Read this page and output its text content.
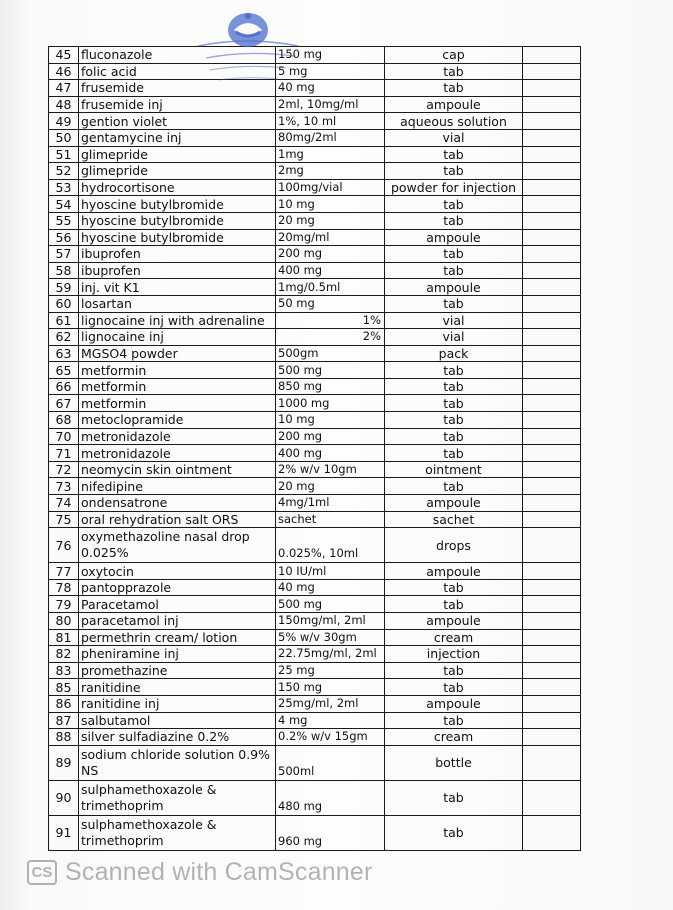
45	fluconazole	150 mg	cap	
46	folic acid	5 mg	tab	
47	frusemide	40 mg	tab	
48	frusemide inj	2ml, 10mg/ml	ampoule	
49	gention violet	1%, 10 ml	aqueous solution	
50	gentamycine inj	80mg/2ml	vial	
51	glimepride	1mg	tab	
52	glimepride	2mg	tab	
53	hydrocortisone	100mg/vial	powder for injection	
54	hyoscine butylbromide	10 mg	tab	
55	hyoscine butylbromide	20 mg	tab	
56	hyoscine butylbromide	20mg/ml	ampoule	
57	ibuprofen	200 mg	tab	
58	ibuprofen	400 mg	tab	
59	inj. vit K1	1mg/0.5ml	ampoule	
60	losartan	50 mg	tab	
61	lignocaine inj with adrenaline	1%	vial	
62	lignocaine inj	2%	vial	
63	MGSO4 powder	500gm	pack	
65	metformin	500 mg	tab	
66	metformin	850 mg	tab	
67	metformin	1000 mg	tab	
68	metoclopramide	10 mg	tab	
70	metronidazole	200 mg	tab	
71	metronidazole	400 mg	tab	
72	neomycin skin ointment	2% w/v 10gm	ointment	
73	nifedipine	20 mg	tab	
74	ondensatrone	4mg/1ml	ampoule	
75	oral rehydration salt ORS	sachet	sachet	
76	oxymethazoline nasal drop 0.025%	0.025%, 10ml	drops	
77	oxytocin	10 IU/ml	ampoule	
78	pantopprazole	40 mg	tab	
79	Paracetamol	500 mg	tab	
80	paracetamol inj	150mg/ml, 2ml	ampoule	
81	permethrin cream/ lotion	5% w/v 30gm	cream	
82	pheniramine inj	22.75mg/ml, 2ml	injection	
83	promethazine	25 mg	tab	
85	ranitidine	150 mg	tab	
86	ranitidine inj	25mg/ml, 2ml	ampoule	
87	salbutamol	4 mg	tab	
88	silver sulfadiazine 0.2%	0.2% w/v 15gm	cream	
89	sodium chloride solution 0.9% NS	500ml	bottle	
90	sulphamethoxazole & trimethoprim	480 mg	tab	
91	sulphamethoxazole & trimethoprim	960 mg	tab	
CS Scanned with CamScanner
